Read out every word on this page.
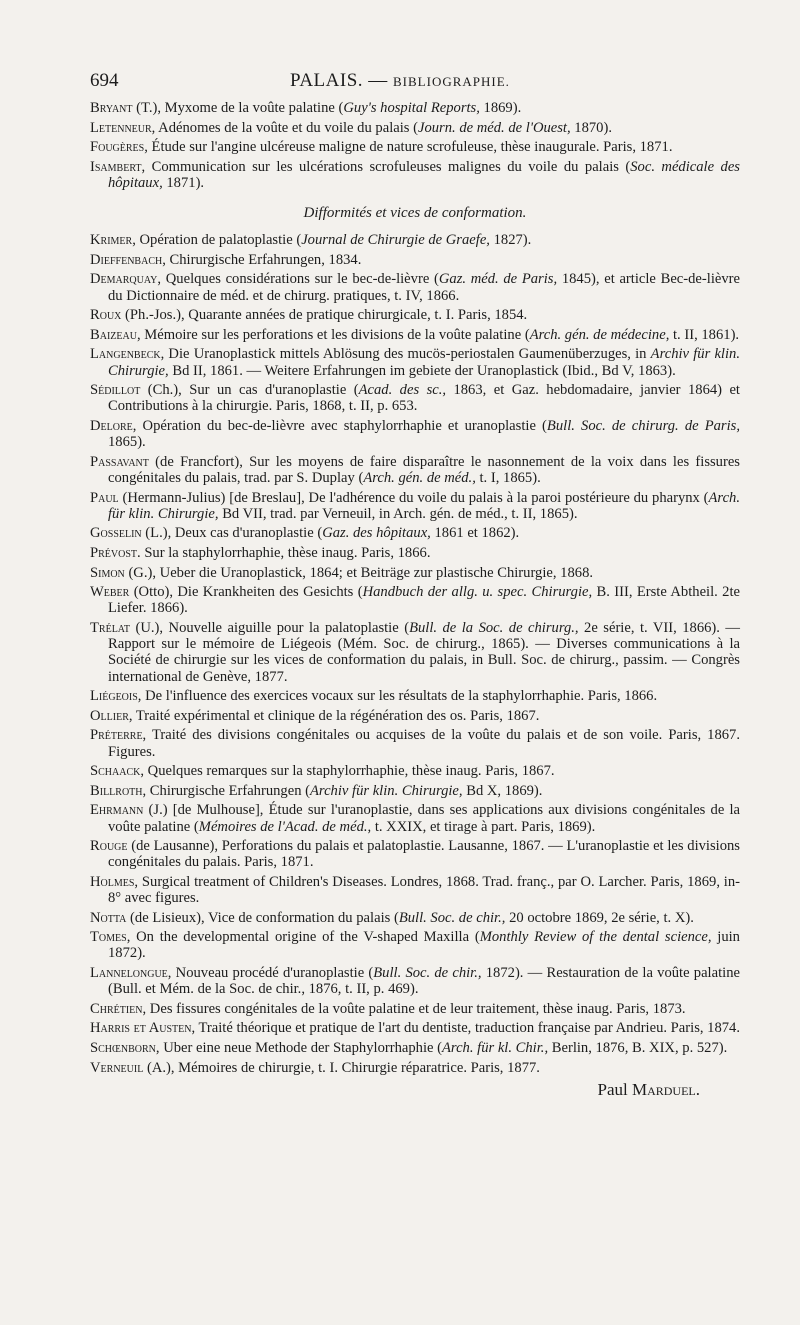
694	PALAIS. — BIBLIOGRAPHIE.

Bryant (T.), Myxome de la voûte palatine (Guy's hospital Reports, 1869).

Letenneur, Adénomes de la voûte et du voile du palais (Journ. de méd. de l'Ouest, 1870).

Fougères, Étude sur l'angine ulcéreuse maligne de nature scrofuleuse, thèse inaugurale. Paris, 1871.

Isambert, Communication sur les ulcérations scrofuleuses malignes du voile du palais (Soc. médicale des hôpitaux, 1871).

Difformités et vices de conformation.

Krimer, Opération de palatoplastie (Journal de Chirurgie de Graefe, 1827).

Dieffenbach, Chirurgische Erfahrungen, 1834.

Demarquay, Quelques considérations sur le bec-de-lièvre (Gaz. méd. de Paris, 1845), et article Bec-de-lièvre du Dictionnaire de méd. et de chirurg. pratiques, t. IV, 1866.

Roux (Ph.-Jos.), Quarante années de pratique chirurgicale, t. I. Paris, 1854.

Baizeau, Mémoire sur les perforations et les divisions de la voûte palatine (Arch. gén. de médecine, t. II, 1861).

Langenbeck, Die Uranoplastick mittels Ablösung des mucös-periostalen Gaumenüberzuges, in Archiv für klin. Chirurgie, Bd II, 1861. — Weitere Erfahrungen im gebiete der Uranoplastick (Ibid., Bd V, 1863).

Sédillot (Ch.), Sur un cas d'uranoplastie (Acad. des sc., 1863, et Gaz. hebdomadaire, janvier 1864) et Contributions à la chirurgie. Paris, 1868, t. II, p. 653.

Delore, Opération du bec-de-lièvre avec staphylorrhaphie et uranoplastie (Bull. Soc. de chirurg. de Paris, 1865).

Passavant (de Francfort), Sur les moyens de faire disparaître le nasonnement de la voix dans les fissures congénitales du palais, trad. par S. Duplay (Arch. gén. de méd., t. I, 1865).

Paul (Hermann-Julius) [de Breslau], De l'adhérence du voile du palais à la paroi postérieure du pharynx (Arch. für klin. Chirurgie, Bd VII, trad. par Verneuil, in Arch. gén. de méd., t. II, 1865).

Gosselin (L.), Deux cas d'uranoplastie (Gaz. des hôpitaux, 1861 et 1862).

Prévost. Sur la staphylorrhaphie, thèse inaug. Paris, 1866.

Simon (G.), Ueber die Uranoplastick, 1864; et Beiträge zur plastische Chirurgie, 1868.

Weber (Otto), Die Krankheiten des Gesichts (Handbuch der allg. u. spec. Chirurgie, B. III, Erste Abtheil. 2te Liefer. 1866).

Trélat (U.), Nouvelle aiguille pour la palatoplastie (Bull. de la Soc. de chirurg., 2e série, t. VII, 1866). — Rapport sur le mémoire de Liégeois (Mém. Soc. de chirurg., 1865). — Diverses communications à la Société de chirurgie sur les vices de conformation du palais, in Bull. Soc. de chirurg., passim. — Congrès international de Genève, 1877.

Liégeois, De l'influence des exercices vocaux sur les résultats de la staphylorrhaphie. Paris, 1866.

Ollier, Traité expérimental et clinique de la régénération des os. Paris, 1867.

Préterre, Traité des divisions congénitales ou acquises de la voûte du palais et de son voile. Paris, 1867. Figures.

Schaack, Quelques remarques sur la staphylorrhaphie, thèse inaug. Paris, 1867.

Billroth, Chirurgische Erfahrungen (Archiv für klin. Chirurgie, Bd X, 1869).

Ehrmann (J.) [de Mulhouse], Étude sur l'uranoplastie, dans ses applications aux divisions congénitales de la voûte palatine (Mémoires de l'Acad. de méd., t. XXIX, et tirage à part. Paris, 1869).

Rouge (de Lausanne), Perforations du palais et palatoplastie. Lausanne, 1867. — L'uranoplastie et les divisions congénitales du palais. Paris, 1871.

Holmes, Surgical treatment of Children's Diseases. Londres, 1868. Trad. franç., par O. Larcher. Paris, 1869, in-8° avec figures.

Notta (de Lisieux), Vice de conformation du palais (Bull. Soc. de chir., 20 octobre 1869, 2e série, t. X).

Tomes, On the developmental origine of the V-shaped Maxilla (Monthly Review of the dental science, juin 1872).

Lannelongue, Nouveau procédé d'uranoplastie (Bull. Soc. de chir., 1872). — Restauration de la voûte palatine (Bull. et Mém. de la Soc. de chir., 1876, t. II, p. 469).

Chrétien, Des fissures congénitales de la voûte palatine et de leur traitement, thèse inaug. Paris, 1873.

Harris et Austen, Traité théorique et pratique de l'art du dentiste, traduction française par Andrieu. Paris, 1874.

Schœnborn, Uber eine neue Methode der Staphylorrhaphie (Arch. für kl. Chir., Berlin, 1876, B. XIX, p. 527).

Verneuil (A.), Mémoires de chirurgie, t. I. Chirurgie réparatrice. Paris, 1877.

Paul Marduel.
